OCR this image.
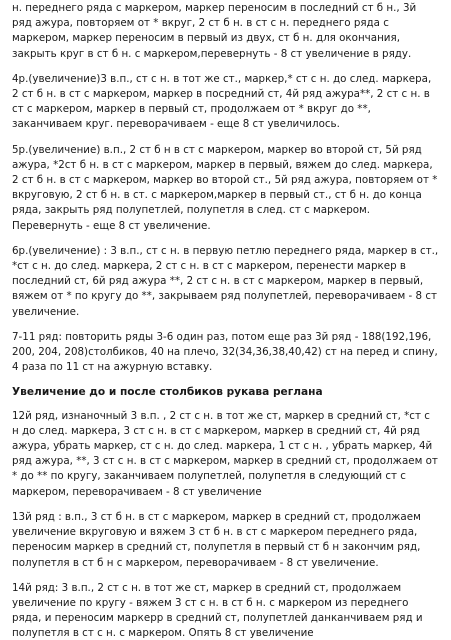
н. переднего ряда с маркером, маркер переносим в последний ст б н., 3й ряд ажура, повторяем от * вкруг, 2 ст б н. в ст с н. переднего ряда с маркером, маркер переносим в первый из двух, ст б н. для окончания, закрыть круг в ст б н. с маркером,перевернуть - 8 ст увеличение в ряду.

4р.(увеличение)3 в.п., ст с н. в тот же ст., маркер,* ст с н. до след. маркера, 2 ст б н. в ст с маркером, маркер в посредний ст, 4й ряд ажура**, 2 ст с н. в ст с маркером, маркер в первый ст, продолжаем от * вкруг до **, заканчиваем круг. переворачиваем - еще 8 ст увеличилось.

5р.(увеличение) в.п., 2 ст б н в ст с маркером, маркер во второй ст, 5й ряд ажура, *2ст б н. в ст с маркером, маркер в первый, вяжем до след. маркера, 2 ст б н. в ст с маркером, маркер во второй ст., 5й ряд ажура, повторяем от * вкруговую, 2 ст б н. в ст. с маркером,маркер в первый ст., ст б н. до конца ряда, закрыть ряд полупетлей, полупетля в след. ст с маркером. Перевернуть - еще 8 ст увеличение.

6р.(увеличение) : 3 в.п., ст с н. в первую петлю переднего ряда, маркер в ст., *ст с н. до след. маркера, 2 ст с н. в ст с маркером, перенести маркер в последний ст, 6й ряд ажура **, 2 ст с н. в ст с маркером, маркер в первый, вяжем от * по кругу до **, закрываем ряд полупетлей, переворачиваем - 8 ст увеличение.

7-11 ряд: повторить ряды 3-6 один раз, потом еще раз 3й ряд - 188(192,196, 200, 204, 208)столбиков, 40 на плечо, 32(34,36,38,40,42) ст на перед и спину, 4 раза по 11 ст на ажурную вставку.

Увеличение до и после столбиков рукава реглана

12й ряд, изнаночный 3 в.п. , 2 ст с н. в тот же ст, маркер в средний ст, *ст с н до след. маркера, 3 ст с н. в ст с маркером, маркер в средний ст, 4й ряд ажура, убрать маркер, ст с н. до след. маркера, 1 ст с н. , убрать маркер, 4й ряд ажура, **, 3 ст с н. в ст с маркером, маркер в средний ст, продолжаем от * до ** по кругу, заканчиваем полупетлей, полупетля в следующий ст с маркером, переворачиваем - 8 ст увеличение

13й ряд : в.п., 3 ст б н. в ст с маркером, маркер в средний ст, продолжаем увеличение вкруговую и вяжем 3 ст б н. в ст с маркером переднего ряда, переносим маркер в средний ст, полупетля в первый ст б н закончим ряд, полупетля в ст б н с маркером, переворачиваем - 8 ст увеличение.

14й ряд: 3 в.п., 2 ст с н. в тот же ст, маркер в средний ст, продолжаем увеличение по кругу - вяжем 3 ст с н. в ст б н. с маркером из переднего ряда, и переносим маркерр в средний ст, полупетлей данканчиваем ряд и полупетля в ст с н. с маркером. Опять 8 ст увеличение
